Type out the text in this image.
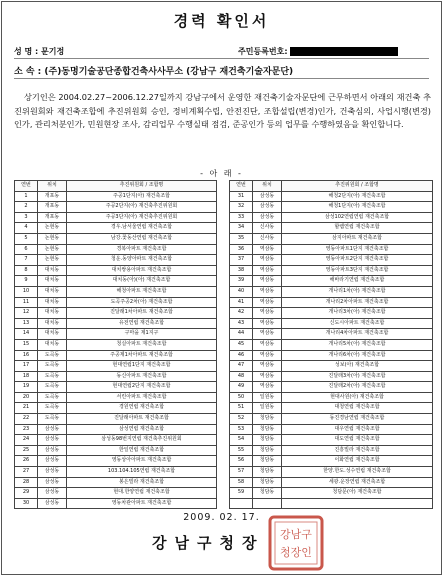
경력 확인서
성 명 : 문기정	주민등록번호:
소 속 : (주)동명기술공단종합건축사사무소 (강남구 재건축기술자문단)
상기인은 2004.02.27~2006.12.27일까지 강남구에서 운영한 재건축기술자문단에 근무하면서 아래의 재건축 추진위원회와 재건축조합에 추진위원회 승인, 정비계획수립, 안전진단, 조합설립(변경)인가, 건축심의, 사업시행(변경)인가, 관리처분인가, 민원현장 조사, 감리업무 수행실태 점검, 준공인가 등의 업무를 수행하였음을 확인합니다.
- 아 래 -
연번	위치	추진위원회 / 조합명
1	개포동	주공1단지(아) 재건축조합
2	개포동	주공2단지(아) 재건축추진위원회
3	개포동	주공3단지(아) 재건축추진위원회
4	논현동	경우.남서울연립 재건축조합
5	논현동	남강.꽃동산연립 재건축조합
6	논현동	경복아파트 재건축조합
7	논현동	청운.동양아파트 재건축조합
8	대치동	대치쌍용아파트 재건축조합
9	대치동	대치동(아)(아) 재건축조합
10	대치동	해청아파트 재건축조합
11	대치동	도곡주공2차(아) 재건축조합
12	대치동	진달래1차아파트 재건축조합
13	대치동	유전연립 재건축조합
14	대치동	구마을 제1지구
15	대치동	청실아파트 재건축조합
16	도곡동	주공제1차아파트 재건축조합
17	도곡동	현대연립1단지 재건축조합
18	도곡동	동신아파트 재건축조합
19	도곡동	현대연립2단지 재건축조합
20	도곡동	서린아파트 재건축조합
21	도곡동	경원연립 재건축조합
22	도곡동	진달래아파트 재건축조합
23	삼성동	삼성연립 재건축조합
24	삼성동	삼성동98번지연립 재건축추진위원회
25	삼성동	한일연립 재건축조합
26	삼성동	영동상아아파트 재건축조합
27	삼성동	103.104.105연립 재건축조합
28	삼성동	봉은빌라 재건축조합
29	삼성동	현대.한양연립 재건축조합
30	삼성동	영동차관아파트 재건축조합
연번	위치	추진위원회 / 조합명
31	삼성동	해청2단지(아) 재건축조합
32	삼성동	해청1단지(아) 재건축조합
33	삼성동	삼성102연립연립 재건축조합
34	신사동	할렘연립 재건축조합
35	신사동	삼지아파트 재건축조합
36	역삼동	영동아파트1단지 재건축조합
37	역삼동	영동아파트2단지 재건축조합
38	역삼동	영동아파트3단지 재건축조합
39	역삼동	해바라기연립 재건축조합
40	역삼동	개나리1차(아) 재건축조합
41	역삼동	개나리2차아파트 재건축조합
42	역삼동	개나리3차(아) 재건축조합
43	역삼동	신도시아파트 재건축조합
44	역삼동	개나리4차아파트 재건축조합
45	역삼동	개나리5차(아) 재건축조합
46	역삼동	개나리6차(아) 재건축조합
47	역삼동	성보(아) 재건축조합
48	역삼동	진달래3차(아) 재건축조합
49	역삼동	진달래2차(아) 재건축조합
50	일원동	현대사원(아) 재건축조합
51	일원동	대청연립 재건축조합
52	청담동	동진경남연립 재건축조합
53	청담동	대우연립 재건축조합
54	청담동	대도연립 재건축조합
55	청담동	진흥빌라 재건축조합
56	청담동	이화연립 재건축조합
57	청담동	한양.한도.성수연립 재건축조합
58	청담동	세광.운장연립 재건축조합
59	청담동	청담문(아) 재건축조합

2009. 02. 17.
강남구청장 강남구
청장인
